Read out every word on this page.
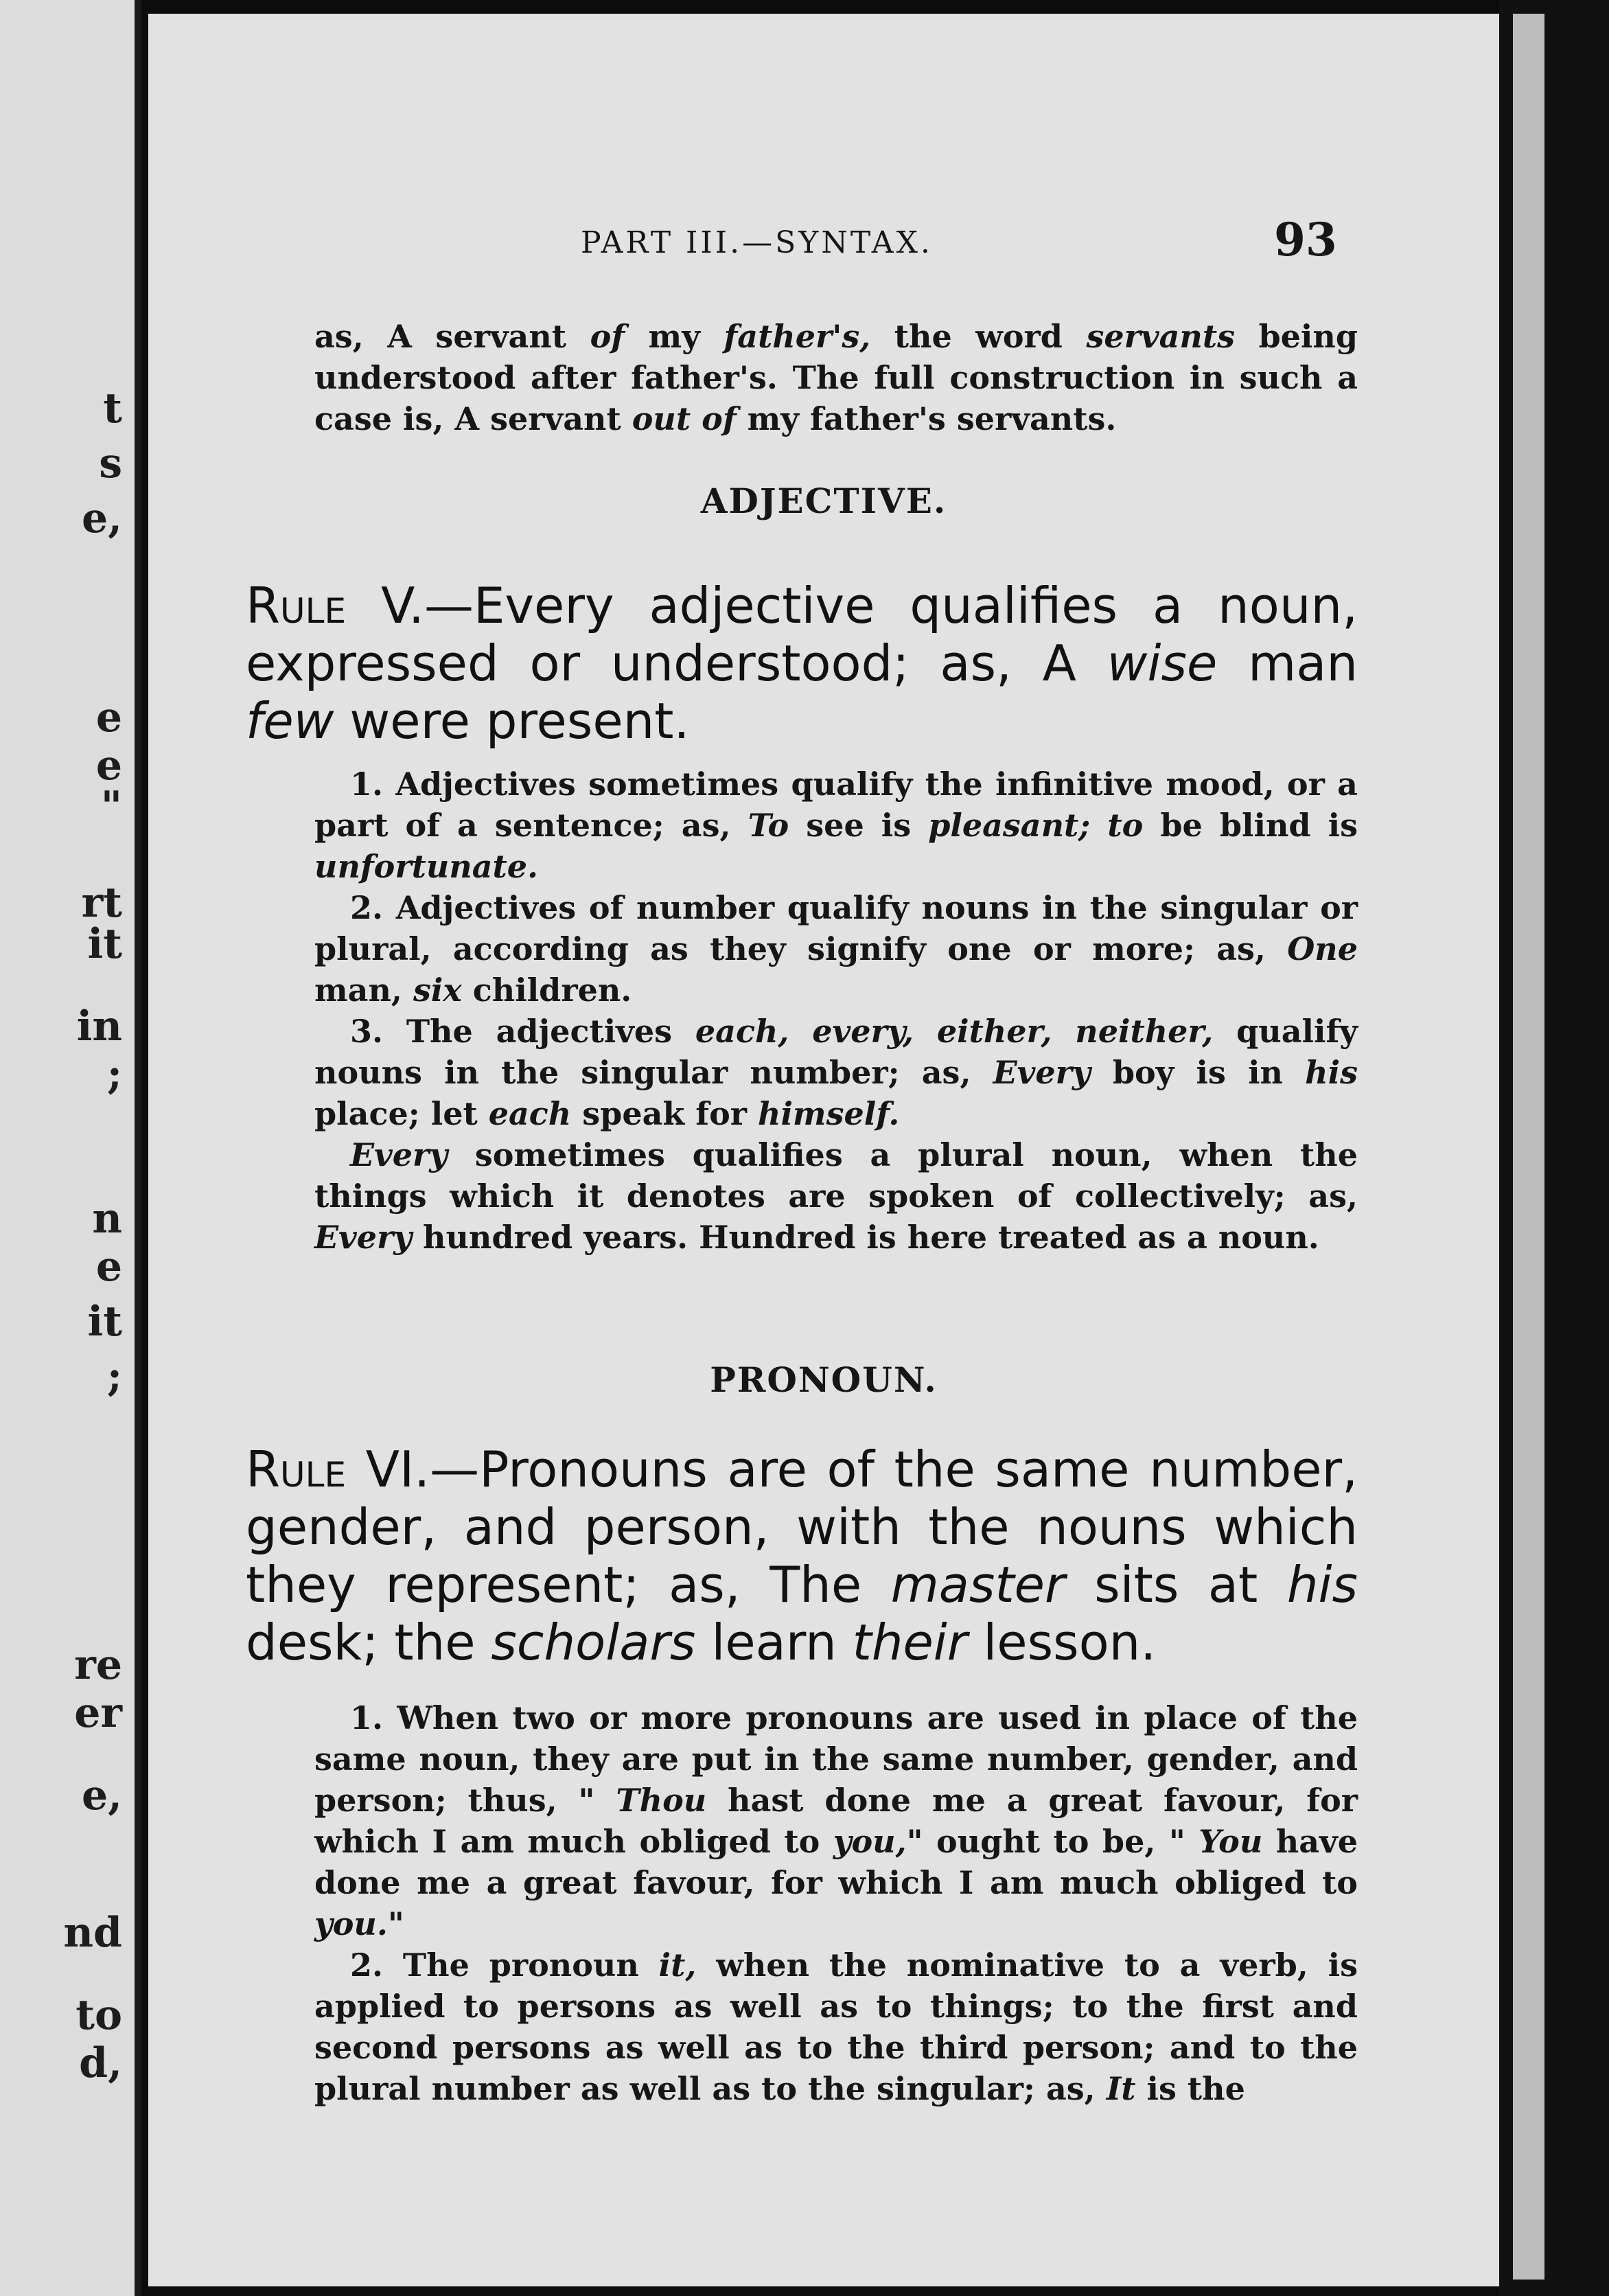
t
s
e,
e
e
"
rt
it
in
;
n
e
it
;
re
er
e,
nd
to
d,
PART III.—SYNTAX.	93
as, A servant of my father's, the word servants being understood after father's. The full construction in such a case is, A servant out of my father's servants.
ADJECTIVE.
Rule V.—Every adjective qualifies a noun, expressed or understood; as, A wise man few were present.

1. Adjectives sometimes qualify the infinitive mood, or a part of a sentence; as, To see is pleasant; to be blind is unfortunate.

2. Adjectives of number qualify nouns in the singular or plural, according as they signify one or more; as, One man, six children.

3. The adjectives each, every, either, neither, qualify nouns in the singular number; as, Every boy is in his place; let each speak for himself.

Every sometimes qualifies a plural noun, when the things which it denotes are spoken of collectively; as, Every hundred years. Hundred is here treated as a noun.

PRONOUN.
Rule VI.—Pronouns are of the same number, gender, and person, with the nouns which they represent; as, The master sits at his desk; the scholars learn their lesson.

1. When two or more pronouns are used in place of the same noun, they are put in the same number, gender, and person; thus, " Thou hast done me a great favour, for which I am much obliged to you," ought to be, " You have done me a great favour, for which I am much obliged to you."

2. The pronoun it, when the nominative to a verb, is applied to persons as well as to things; to the first and second persons as well as to the third person; and to the plural number as well as to the singular; as, It is the
